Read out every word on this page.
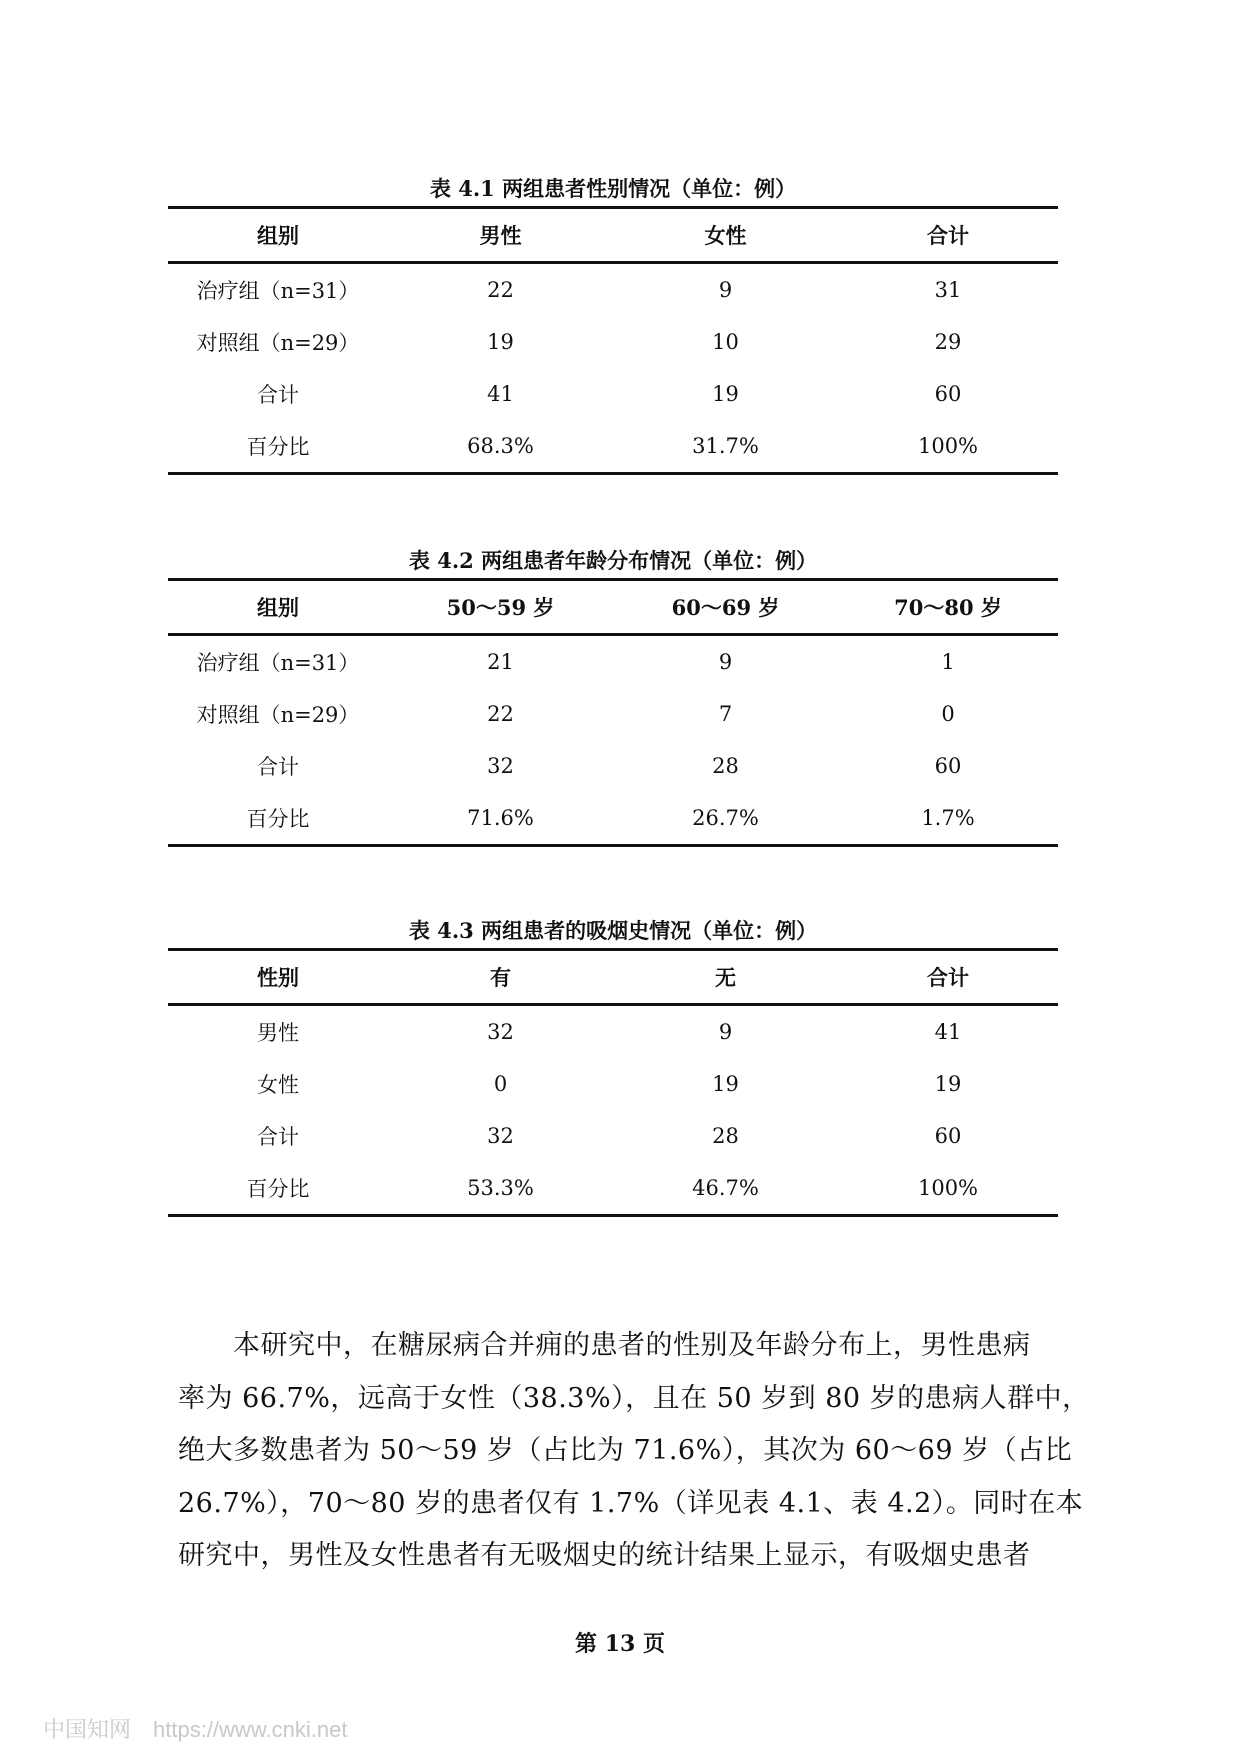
表 4.1 两组患者性别情况（单位：例）
组别	男性	女性	合计
治疗组（n=31）	22	9	31
对照组（n=29）	19	10	29
合计	41	19	60
百分比	68.3%	31.7%	100%
表 4.2 两组患者年龄分布情况（单位：例）
组别	50～59 岁	60～69 岁	70～80 岁
治疗组（n=31）	21	9	1
对照组（n=29）	22	7	0
合计	32	28	60
百分比	71.6%	26.7%	1.7%
表 4.3 两组患者的吸烟史情况（单位：例）
性别	有	无	合计
男性	32	9	41
女性	0	19	19
合计	32	28	60
百分比	53.3%	46.7%	100%
　　本研究中，在糖尿病合并痈的患者的性别及年龄分布上，男性患病
率为 66.7%，远高于女性（38.3%），且在 50 岁到 80 岁的患病人群中，
绝大多数患者为 50～59 岁（占比为 71.6%），其次为 60～69 岁（占比
26.7%），70～80 岁的患者仅有 1.7%（详见表 4.1、表 4.2）。同时在本
研究中，男性及女性患者有无吸烟史的统计结果上显示，有吸烟史患者
第 13 页
中国知网 https://www.cnki.net
